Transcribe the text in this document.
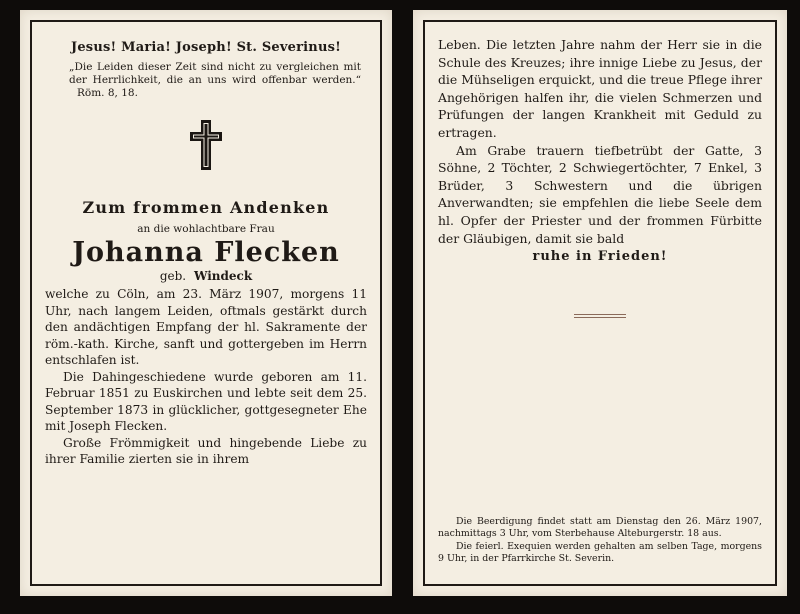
Jesus! Maria! Joseph! St. Severinus!
„Die Leiden dieser Zeit sind nicht zu vergleichen mit der Herrlichkeit, die an uns wird offenbar werden.“ Röm. 8, 18.
Zum frommen Andenken
an die wohlachtbare Frau
Johanna Flecken
geb. Windeck

welche zu Cöln, am 23. März 1907, morgens 11 Uhr, nach langem Leiden, oftmals gestärkt durch den andächtigen Empfang der hl. Sakramente der röm.-kath. Kirche, sanft und gottergeben im Herrn entschlafen ist.

Die Dahingeschiedene wurde geboren am 11. Februar 1851 zu Euskirchen und lebte seit dem 25. September 1873 in glücklicher, gottgesegneter Ehe mit Joseph Flecken.

Große Frömmigkeit und hingebende Liebe zu ihrer Familie zierten sie in ihrem

Leben. Die letzten Jahre nahm der Herr sie in die Schule des Kreuzes; ihre innige Liebe zu Jesus, der die Mühseligen erquickt, und die treue Pflege ihrer Angehörigen halfen ihr, die vielen Schmerzen und Prüfungen der langen Krankheit mit Geduld zu ertragen.

Am Grabe trauern tiefbetrübt der Gatte, 3 Söhne, 2 Töchter, 2 Schwiegertöchter, 7 Enkel, 3 Brüder, 3 Schwestern und die übrigen Anverwandten; sie empfehlen die liebe Seele dem hl. Opfer der Priester und der frommen Fürbitte der Gläubigen, damit sie bald

ruhe in Frieden!

Die Beerdigung findet statt am Dienstag den 26. März 1907, nachmittags 3 Uhr, vom Sterbehause Alteburgerstr. 18 aus.

Die feierl. Exequien werden gehalten am selben Tage, morgens 9 Uhr, in der Pfarrkirche St. Severin.
